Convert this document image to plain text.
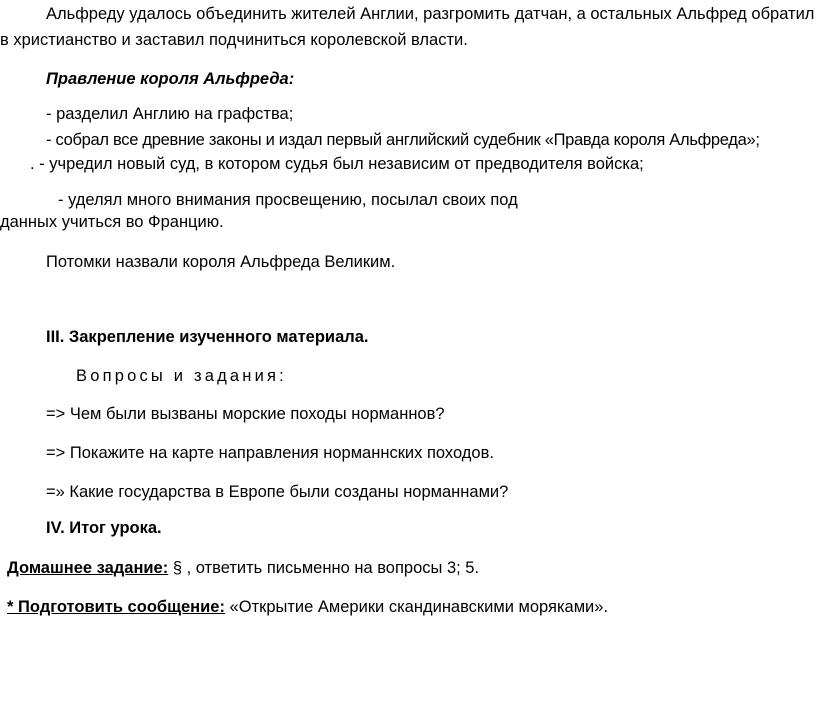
Альфреду удалось объединить жителей Англии, разгромить датчан, а остальных Альфред обратил
в христианство и заставил подчиниться королевской власти.
Правление короля Альфреда:
- разделил Англию на графства;
- собрал все древние законы и издал первый английский судебник «Правда короля Альфреда»;
. - учредил новый суд, в котором судья был независим от предводителя войска;
- уделял много внимания просвещению, посылал своих под
данных учиться во Францию.
Потомки назвали короля Альфреда Великим.
III. Закрепление изученного материала.
Вопросы и задания:
=> Чем были вызваны морские походы норманнов?
=> Покажите на карте направления норманнских походов.
=» Какие государства в Европе были созданы норманнами?
IV. Итог урока.
Домашнее задание: § , ответить письменно на вопросы 3; 5.
* Подготовить сообщение: «Открытие Америки скандинавскими моряками».
